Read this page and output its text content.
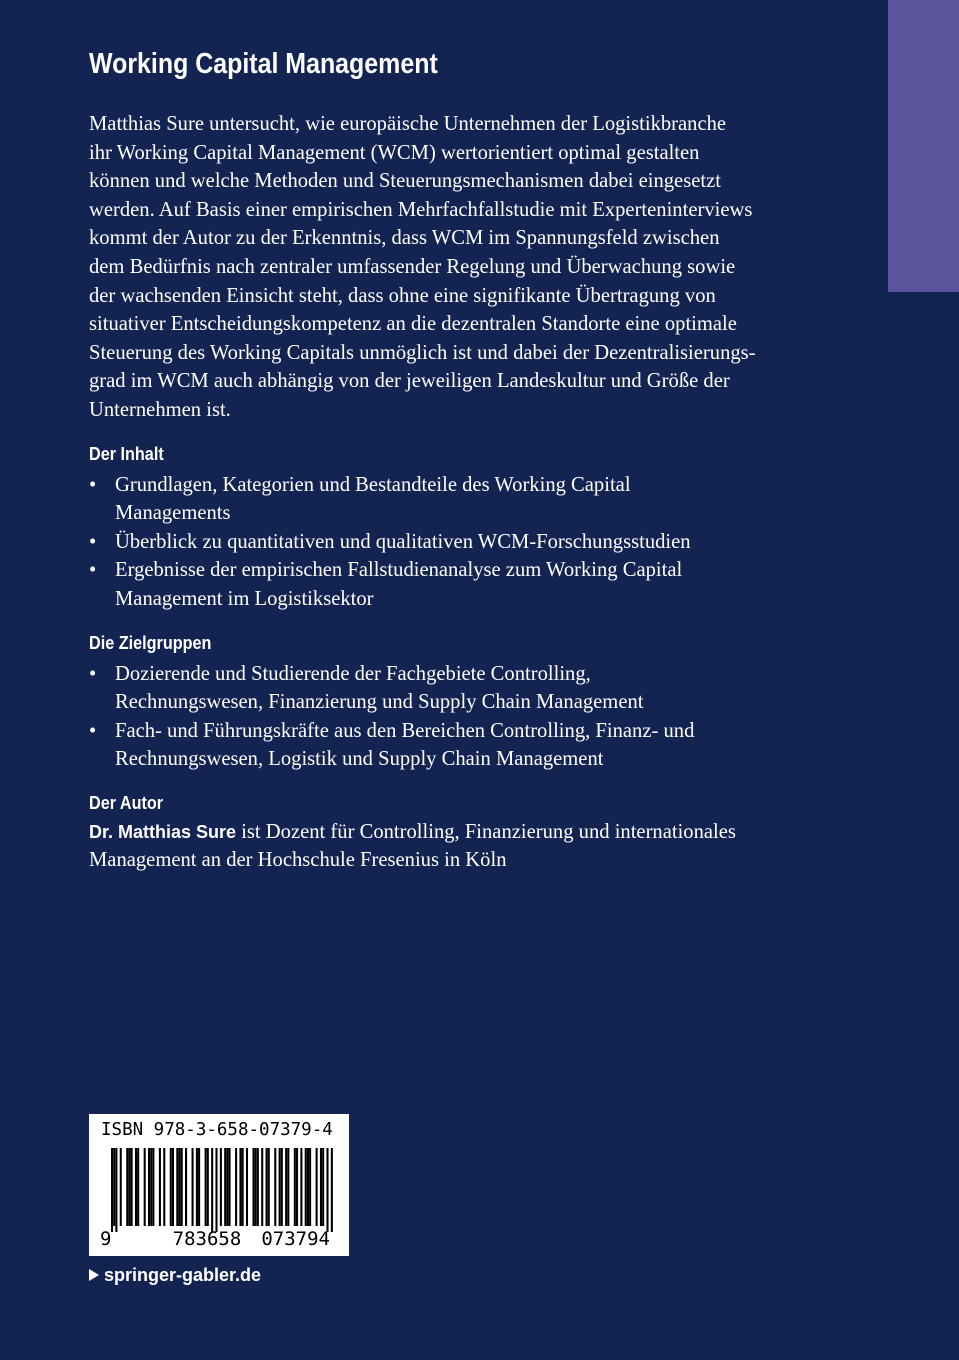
Working Capital Management

Matthias Sure untersucht, wie europäische Unternehmen der Logistikbranche
ihr Working Capital Management (WCM) wertorientiert optimal gestalten
können und welche Methoden und Steuerungsmechanismen dabei eingesetzt
werden. Auf Basis einer empirischen Mehrfachfallstudie mit Experteninterviews
kommt der Autor zu der Erkenntnis, dass WCM im Spannungsfeld zwischen
dem Bedürfnis nach zentraler umfassender Regelung und Überwachung sowie
der wachsenden Einsicht steht, dass ohne eine signifikante Übertragung von
situativer Entscheidungskompetenz an die dezentralen Standorte eine optimale
Steuerung des Working Capitals unmöglich ist und dabei der Dezentralisierungs-
grad im WCM auch abhängig von der jeweiligen Landeskultur und Größe der
Unternehmen ist.

Der Inhalt
• Grundlagen, Kategorien und Bestandteile des Working Capital
Managements
• Überblick zu quantitativen und qualitativen WCM-Forschungsstudien
• Ergebnisse der empirischen Fallstudienanalyse zum Working Capital
Management im Logistiksektor
Die Zielgruppen
• Dozierende und Studierende der Fachgebiete Controlling,
Rechnungswesen, Finanzierung und Supply Chain Management
• Fach- und Führungskräfte aus den Bereichen Controlling, Finanz- und
Rechnungswesen, Logistik und Supply Chain Management
Der Autor

Dr. Matthias Sure ist Dozent für Controlling, Finanzierung und internationales
Management an der Hochschule Fresenius in Köln

ISBN 978-3-658-07379-4
9	783658 073794
springer-gabler.de
